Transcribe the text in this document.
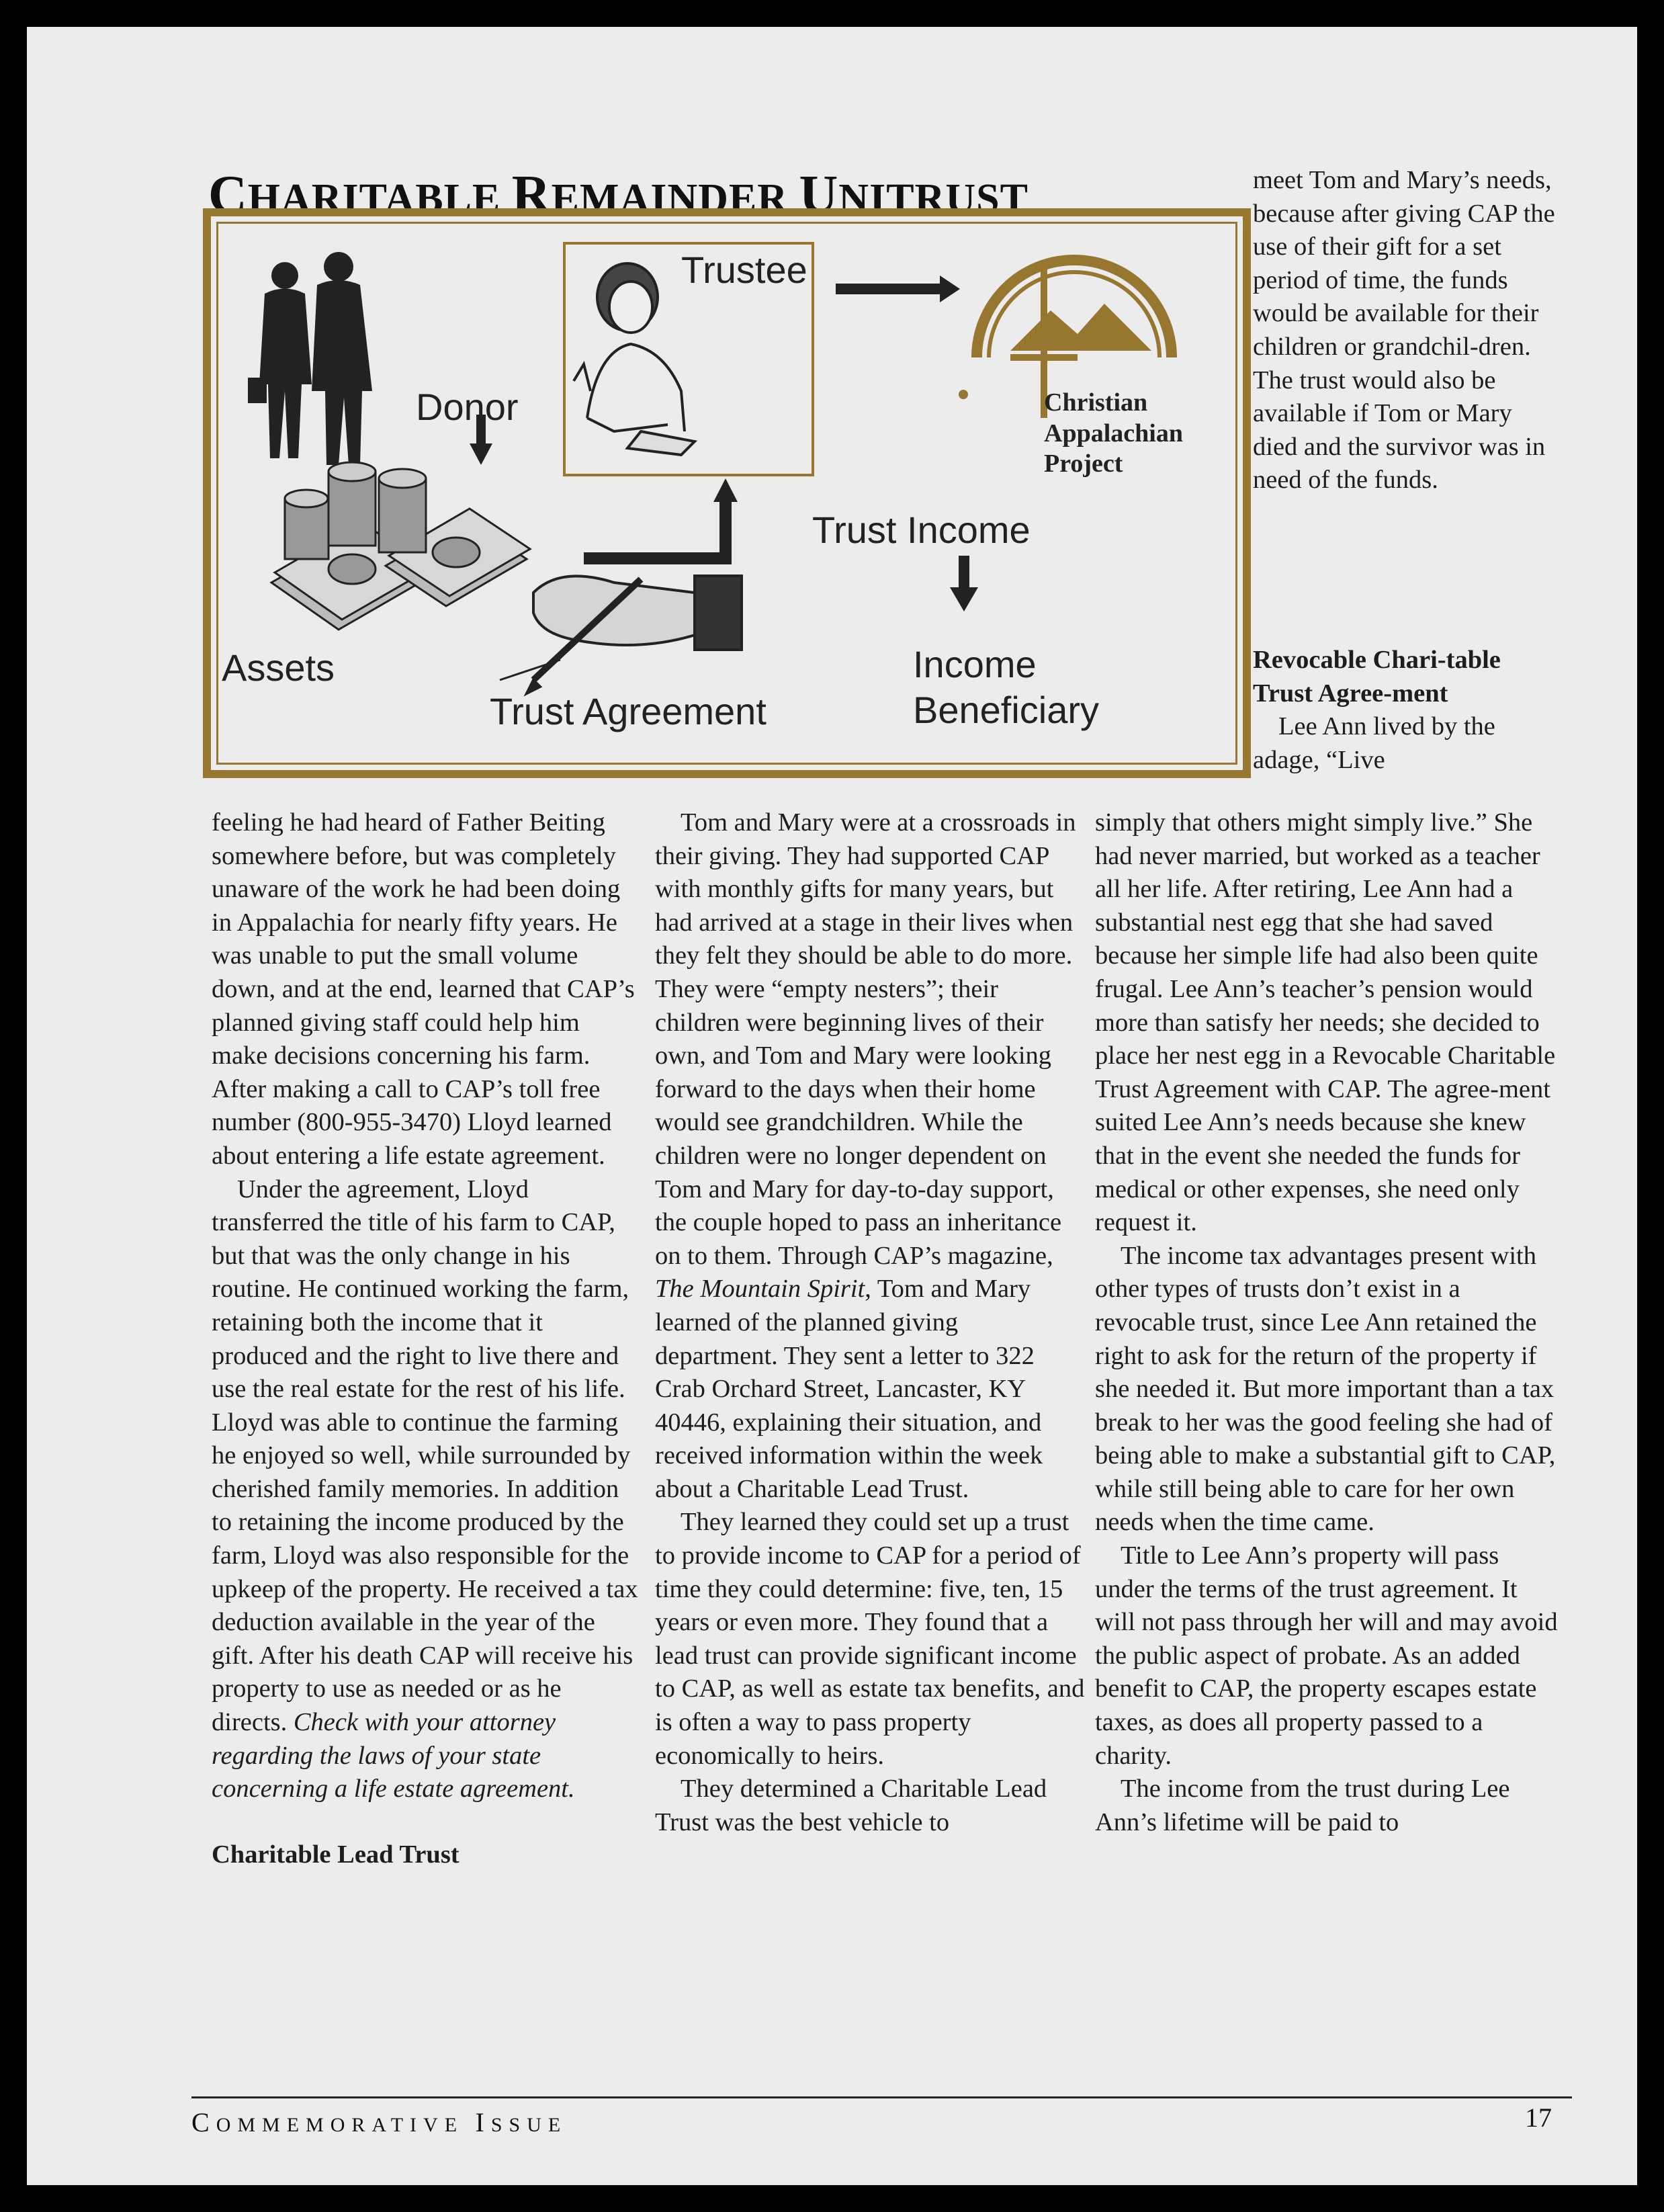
CHARITABLE REMAINDER UNITRUST
Trustee
Donor
Assets
Trust Agreement
Trust Income
Income
Beneficiary
Christian
Appalachian
Project

meet Tom and Mary’s needs, because after giving CAP the use of their gift for a set period of time, the funds would be available for their children or grandchil-dren. The trust would also be available if Tom or Mary died and the survivor was in need of the funds.

Revocable Chari-table Trust Agree-ment

Lee Ann lived by the adage, “Live

feeling he had heard of Father Beiting somewhere before, but was completely unaware of the work he had been doing in Appalachia for nearly fifty years. He was unable to put the small volume down, and at the end, learned that CAP’s planned giving staff could help him make decisions concerning his farm. After making a call to CAP’s toll free number (800-955-3470) Lloyd learned about entering a life estate agreement.

Under the agreement, Lloyd transferred the title of his farm to CAP, but that was the only change in his routine. He continued working the farm, retaining both the income that it produced and the right to live there and use the real estate for the rest of his life. Lloyd was able to continue the farming he enjoyed so well, while surrounded by cherished family memories. In addition to retaining the income produced by the farm, Lloyd was also responsible for the upkeep of the property. He received a tax deduction available in the year of the gift. After his death CAP will receive his property to use as needed or as he directs. Check with your attorney regarding the laws of your state concerning a life estate agreement.

Charitable Lead Trust

Tom and Mary were at a crossroads in their giving. They had supported CAP with monthly gifts for many years, but had arrived at a stage in their lives when they felt they should be able to do more. They were “empty nesters”; their children were beginning lives of their own, and Tom and Mary were looking forward to the days when their home would see grandchildren. While the children were no longer dependent on Tom and Mary for day-to-day support, the couple hoped to pass an inheritance on to them. Through CAP’s magazine, The Mountain Spirit, Tom and Mary learned of the planned giving department. They sent a letter to 322 Crab Orchard Street, Lancaster, KY 40446, explaining their situation, and received information within the week about a Charitable Lead Trust.

They learned they could set up a trust to provide income to CAP for a period of time they could determine: five, ten, 15 years or even more. They found that a lead trust can provide significant income to CAP, as well as estate tax benefits, and is often a way to pass property economically to heirs.

They determined a Charitable Lead Trust was the best vehicle to

simply that others might simply live.” She had never married, but worked as a teacher all her life. After retiring, Lee Ann had a substantial nest egg that she had saved because her simple life had also been quite frugal. Lee Ann’s teacher’s pension would more than satisfy her needs; she decided to place her nest egg in a Revocable Charitable Trust Agreement with CAP. The agree-ment suited Lee Ann’s needs because she knew that in the event she needed the funds for medical or other expenses, she need only request it.

The income tax advantages present with other types of trusts don’t exist in a revocable trust, since Lee Ann retained the right to ask for the return of the property if she needed it. But more important than a tax break to her was the good feeling she had of being able to make a substantial gift to CAP, while still being able to care for her own needs when the time came.

Title to Lee Ann’s property will pass under the terms of the trust agreement. It will not pass through her will and may avoid the public aspect of probate. As an added benefit to CAP, the property escapes estate taxes, as does all property passed to a charity.

The income from the trust during Lee Ann’s lifetime will be paid to

COMMEMORATIVE ISSUE	17
